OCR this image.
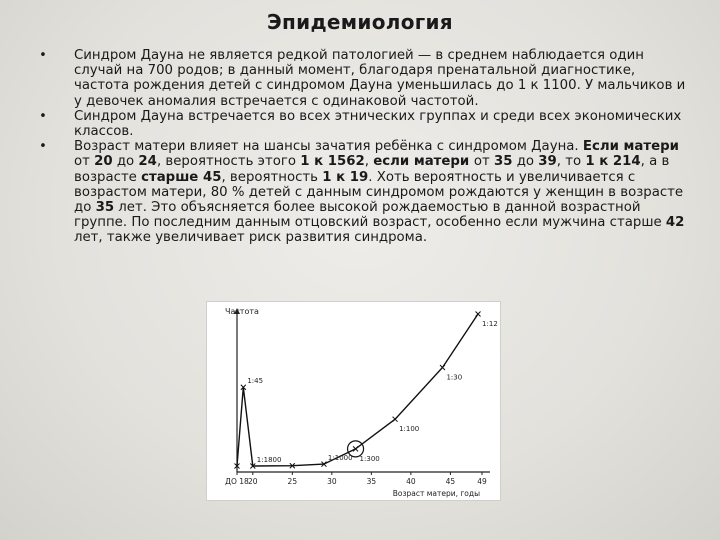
Эпидемиология
• Синдром Дауна не является редкой патологией — в среднем наблюдается один случай на 700 родов; в данный момент, благодаря пренатальной диагностике, частота рождения детей с синдромом Дауна уменьшилась до 1 к 1100. У мальчиков и у девочек аномалия встречается с одинаковой частотой.
• Синдром Дауна встречается во всех этнических группах и среди всех экономических классов.
• Возраст матери влияет на шансы зачатия ребёнка с синдромом Дауна. Если матери от 20 до 24, вероятность этого 1 к 1562, если матери от 35 до 39, то 1 к 214, а в возрасте старше 45, вероятность 1 к 19. Хоть вероятность и увеличивается с возрастом матери, 80 % детей с данным синдромом рождаются у женщин в возрасте до 35 лет. Это объясняется более высокой рождаемостью в данной возрастной группе. По последним данным отцовский возраст, особенно если мужчина старше 42 лет, также увеличивает риск развития синдрома.
Частота
ДО 18 20	25	30	35	40	45	49
Возраст матери, годы
1:45
1:1800	1:1000 1:300
1:100
1:30
1:12
